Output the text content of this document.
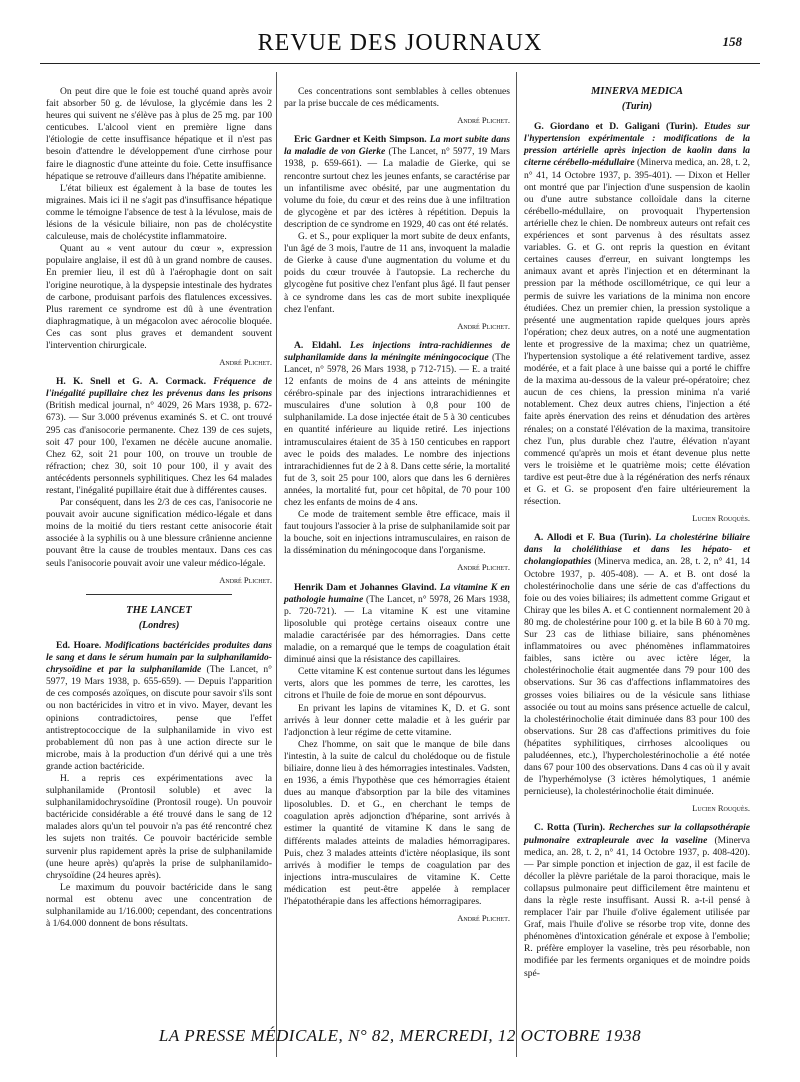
REVUE DES JOURNAUX	158

On peut dire que le foie est touché quand après avoir fait absorber 50 g. de lévulose, la glycémie dans les 2 heures qui suivent ne s'élève pas à plus de 25 mg. par 100 centicubes. L'alcool vient en première ligne dans l'étiologie de cette insuffisance hépatique et il n'est pas besoin d'attendre le développement d'une cirrhose pour faire le diagnostic d'une atteinte du foie. Cette insuffisance hépatique se retrouve d'ailleurs dans l'hépatite amibienne.

L'état bilieux est également à la base de toutes les migraines. Mais ici il ne s'agit pas d'insuffisance hépatique comme le témoigne l'absence de test à la lévulose, mais de lésions de la vésicule biliaire, non pas de cholécystite calculeuse, mais de cholécystite inflammatoire.

Quant au « vent autour du cœur », expression populaire anglaise, il est dû à un grand nombre de causes. En premier lieu, il est dû à l'aérophagie dont on sait l'origine neurotique, à la dyspepsie intestinale des hydrates de carbone, produisant parfois des flatulences excessives. Plus rarement ce syndrome est dû à une éventration diaphragmatique, à un mégacolon avec aérocolie bloquée. Ces cas sont plus graves et demandent souvent l'intervention chirurgicale.

André Plichet.

H. K. Snell et G. A. Cormack. Fréquence de l'inégalité pupillaire chez les prévenus dans les prisons (British medical journal, n° 4029, 26 Mars 1938, p. 672-673). — Sur 3.000 prévenus examinés S. et C. ont trouvé 295 cas d'anisocorie permanente. Chez 139 de ces sujets, soit 47 pour 100, l'examen ne décèle aucune anomalie. Chez 62, soit 21 pour 100, on trouve un trouble de réfraction; chez 30, soit 10 pour 100, il y avait des antécédents personnels syphilitiques. Chez les 64 malades restant, l'inégalité pupillaire était due à différentes causes.

Par conséquent, dans les 2/3 de ces cas, l'anisocorie ne pouvait avoir aucune signification médico-légale et dans moins de la moitié du tiers restant cette anisocorie était associée à la syphilis ou à une blessure crânienne ancienne pouvant être la cause de troubles mentaux. Dans ces cas seuls l'anisocorie pouvait avoir une valeur médico-légale.

André Plichet.
THE LANCET
(Londres)

Ed. Hoare. Modifications bactéricides produites dans le sang et dans le sérum humain par la sulphanilamido-chrysoïdine et par la sulphanilamide (The Lancet, n° 5977, 19 Mars 1938, p. 655-659). — Depuis l'apparition de ces composés azoïques, on discute pour savoir s'ils sont ou non bactéricides in vitro et in vivo. Mayer, devant les opinions contradictoires, pense que l'effet antistreptococcique de la sulphanilamide in vivo est probablement dû non pas à une action directe sur le microbe, mais à la production d'un dérivé qui a une très grande action bactéricide.

H. a repris ces expérimentations avec la sulphanilamide (Prontosil soluble) et avec la sulphanilamidochrysoïdine (Prontosil rouge). Un pouvoir bactéricide considérable a été trouvé dans le sang de 12 malades alors qu'un tel pouvoir n'a pas été rencontré chez les sujets non traités. Ce pouvoir bactéricide semble survenir plus rapidement après la prise de sulphanilamide (une heure après) qu'après la prise de sulphanilamido-chrysoïdine (24 heures après).

Le maximum du pouvoir bactéricide dans le sang normal est obtenu avec une concentration de sulphanilamide au 1/16.000; cependant, des concentrations à 1/64.000 donnent de bons résultats.

Ces concentrations sont semblables à celles obtenues par la prise buccale de ces médicaments.

André Plichet.

Eric Gardner et Keith Simpson. La mort subite dans la maladie de von Gierke (The Lancet, n° 5977, 19 Mars 1938, p. 659-661). — La maladie de Gierke, qui se rencontre surtout chez les jeunes enfants, se caractérise par un infantilisme avec obésité, par une augmentation du volume du foie, du cœur et des reins due à une infiltration de glycogène et par des ictères à répétition. Depuis la description de ce syndrome en 1929, 40 cas ont été relatés.

G. et S., pour expliquer la mort subite de deux enfants, l'un âgé de 3 mois, l'autre de 11 ans, invoquent la maladie de Gierke à cause d'une augmentation du volume et du poids du cœur trouvée à l'autopsie. La recherche du glycogène fut positive chez l'enfant plus âgé. Il faut penser à ce syndrome dans les cas de mort subite inexpliquée chez l'enfant.

André Plichet.

A. Eldahl. Les injections intra-rachidiennes de sulphanilamide dans la méningite méningococique (The Lancet, n° 5978, 26 Mars 1938, p 712-715). — E. a traité 12 enfants de moins de 4 ans atteints de méningite cérébro-spinale par des injections intrarachidiennes et musculaires d'une solution à 0,8 pour 100 de sulphanilamide. La dose injectée était de 5 à 30 centicubes en quantité inférieure au liquide retiré. Les injections intramusculaires étaient de 35 à 150 centicubes en rapport avec le poids des malades. Le nombre des injections intrarachidiennes fut de 2 à 8. Dans cette série, la mortalité fut de 3, soit 25 pour 100, alors que dans les 6 dernières années, la mortalité fut, pour cet hôpital, de 70 pour 100 chez les enfants de moins de 4 ans.

Ce mode de traitement semble être efficace, mais il faut toujours l'associer à la prise de sulphanilamide soit par la bouche, soit en injections intramusculaires, en raison de la dissémination du méningocoque dans l'organisme.

André Plichet.

Henrik Dam et Johannes Glavind. La vitamine K en pathologie humaine (The Lancet, n° 5978, 26 Mars 1938, p. 720-721). — La vitamine K est une vitamine liposoluble qui protège certains oiseaux contre une maladie caractérisée par des hémorragies. Dans cette maladie, on a remarqué que le temps de coagulation était diminué ainsi que la résistance des capillaires.

Cette vitamine K est contenue surtout dans les légumes verts, alors que les pommes de terre, les carottes, les citrons et l'huile de foie de morue en sont dépourvus.

En privant les lapins de vitamines K, D. et G. sont arrivés à leur donner cette maladie et à les guérir par l'adjonction à leur régime de cette vitamine.

Chez l'homme, on sait que le manque de bile dans l'intestin, à la suite de calcul du cholédoque ou de fistule biliaire, donne lieu à des hémorragies intestinales. Vadsten, en 1936, a émis l'hypothèse que ces hémorragies étaient dues au manque d'absorption par la bile des vitamines liposolubles. D. et G., en cherchant le temps de coagulation après adjonction d'héparine, sont arrivés à estimer la quantité de vitamine K dans le sang de différents malades atteints de maladies hémorragipares. Puis, chez 3 malades atteints d'ictère néoplasique, ils sont arrivés à modifier le temps de coagulation par des injections intra-musculaires de vitamine K. Cette médication est peut-être appelée à remplacer l'hépatothérapie dans les affections hémorragipares.

André Plichet.
MINERVA MEDICA
(Turin)

G. Giordano et D. Galigani (Turin). Etudes sur l'hypertension expérimentale : modifications de la pression artérielle après injection de kaolin dans la citerne cérébello-médullaire (Minerva medica, an. 28, t. 2, n° 41, 14 Octobre 1937, p. 395-401). — Dixon et Heller ont montré que par l'injection d'une suspension de kaolin ou d'une autre substance colloïdale dans la citerne cérébello-médullaire, on provoquait l'hypertension artérielle chez le chien. De nombreux auteurs ont refait ces expériences et sont parvenus à des résultats assez variables. G. et G. ont repris la question en évitant certaines causes d'erreur, en suivant longtemps les animaux avant et après l'injection et en déterminant la pression par la méthode oscillométrique, ce qui leur a permis de suivre les variations de la minima non encore étudiées. Chez un premier chien, la pression systolique a présenté une augmentation rapide quelques jours après l'opération; chez deux autres, on a noté une augmentation lente et progressive de la maxima; chez un quatrième, l'hypertension systolique a été relativement tardive, assez modérée, et a fait place à une baisse qui a porté le chiffre de la maxima au-dessous de la valeur pré-opératoire; chez aucun de ces chiens, la pression minima n'a varié notablement. Chez deux autres chiens, l'injection a été faite après énervation des reins et dénudation des artères rénales; on a constaté l'élévation de la maxima, transitoire chez l'un, plus durable chez l'autre, élévation n'ayant commencé qu'après un mois et étant devenue plus nette vers le troisième et le quatrième mois; cette élévation tardive est peut-être due à la régénération des nerfs rénaux et G. et G. se proposent d'en faire ultérieurement la résection.

Lucien Rouquès.

A. Allodi et F. Bua (Turin). La cholestérine biliaire dans la cholélithiase et dans les hépato- et cholangiopathies (Minerva medica, an. 28, t. 2, n° 41, 14 Octobre 1937, p. 405-408). — A. et B. ont dosé la cholestérinocholie dans une série de cas d'affections du foie ou des voies biliaires; ils admettent comme Grigaut et Chiray que les biles A. et C contiennent normalement 20 à 80 mg. de cholestérine pour 100 g. et la bile B 60 à 70 mg. Sur 23 cas de lithiase biliaire, sans phénomènes inflammatoires ou avec phénomènes inflammatoires faibles, sans ictère ou avec ictère léger, la cholestérinocholie était augmentée dans 79 pour 100 des observations. Sur 36 cas d'affections inflammatoires des grosses voies biliaires ou de la vésicule sans lithiase associée ou tout au moins sans présence actuelle de calcul, la cholestérinocholie était diminuée dans 83 pour 100 des observations. Sur 28 cas d'affections primitives du foie (hépatites syphilitiques, cirrhoses alcooliques ou paludéennes, etc.), l'hypercholestérinocholie a été notée dans 67 pour 100 des observations. Dans 4 cas où il y avait de l'hyperhémolyse (3 ictères hémolytiques, 1 anémie pernicieuse), la cholestérinocholie était diminuée.

Lucien Rouquès.

C. Rotta (Turin). Recherches sur la collapsothérapie pulmonaire extrapleurale avec la vaseline (Minerva medica, an. 28, t. 2, n° 41, 14 Octobre 1937, p. 408-420). — Par simple ponction et injection de gaz, il est facile de décoller la plèvre pariétale de la paroi thoracique, mais le collapsus pulmonaire peut difficilement être maintenu et dans la règle reste insuffisant. Aussi R. a-t-il pensé à remplacer l'air par l'huile d'olive également utilisée par Graf, mais l'huile d'olive se résorbe trop vite, donne des phénomènes d'intoxication générale et expose à l'embolie; R. préfère employer la vaseline, très peu résorbable, non modifiée par les ferments organiques et de moindre poids spé-

LA PRESSE MÉDICALE, N° 82, MERCREDI, 12 OCTOBRE 1938
